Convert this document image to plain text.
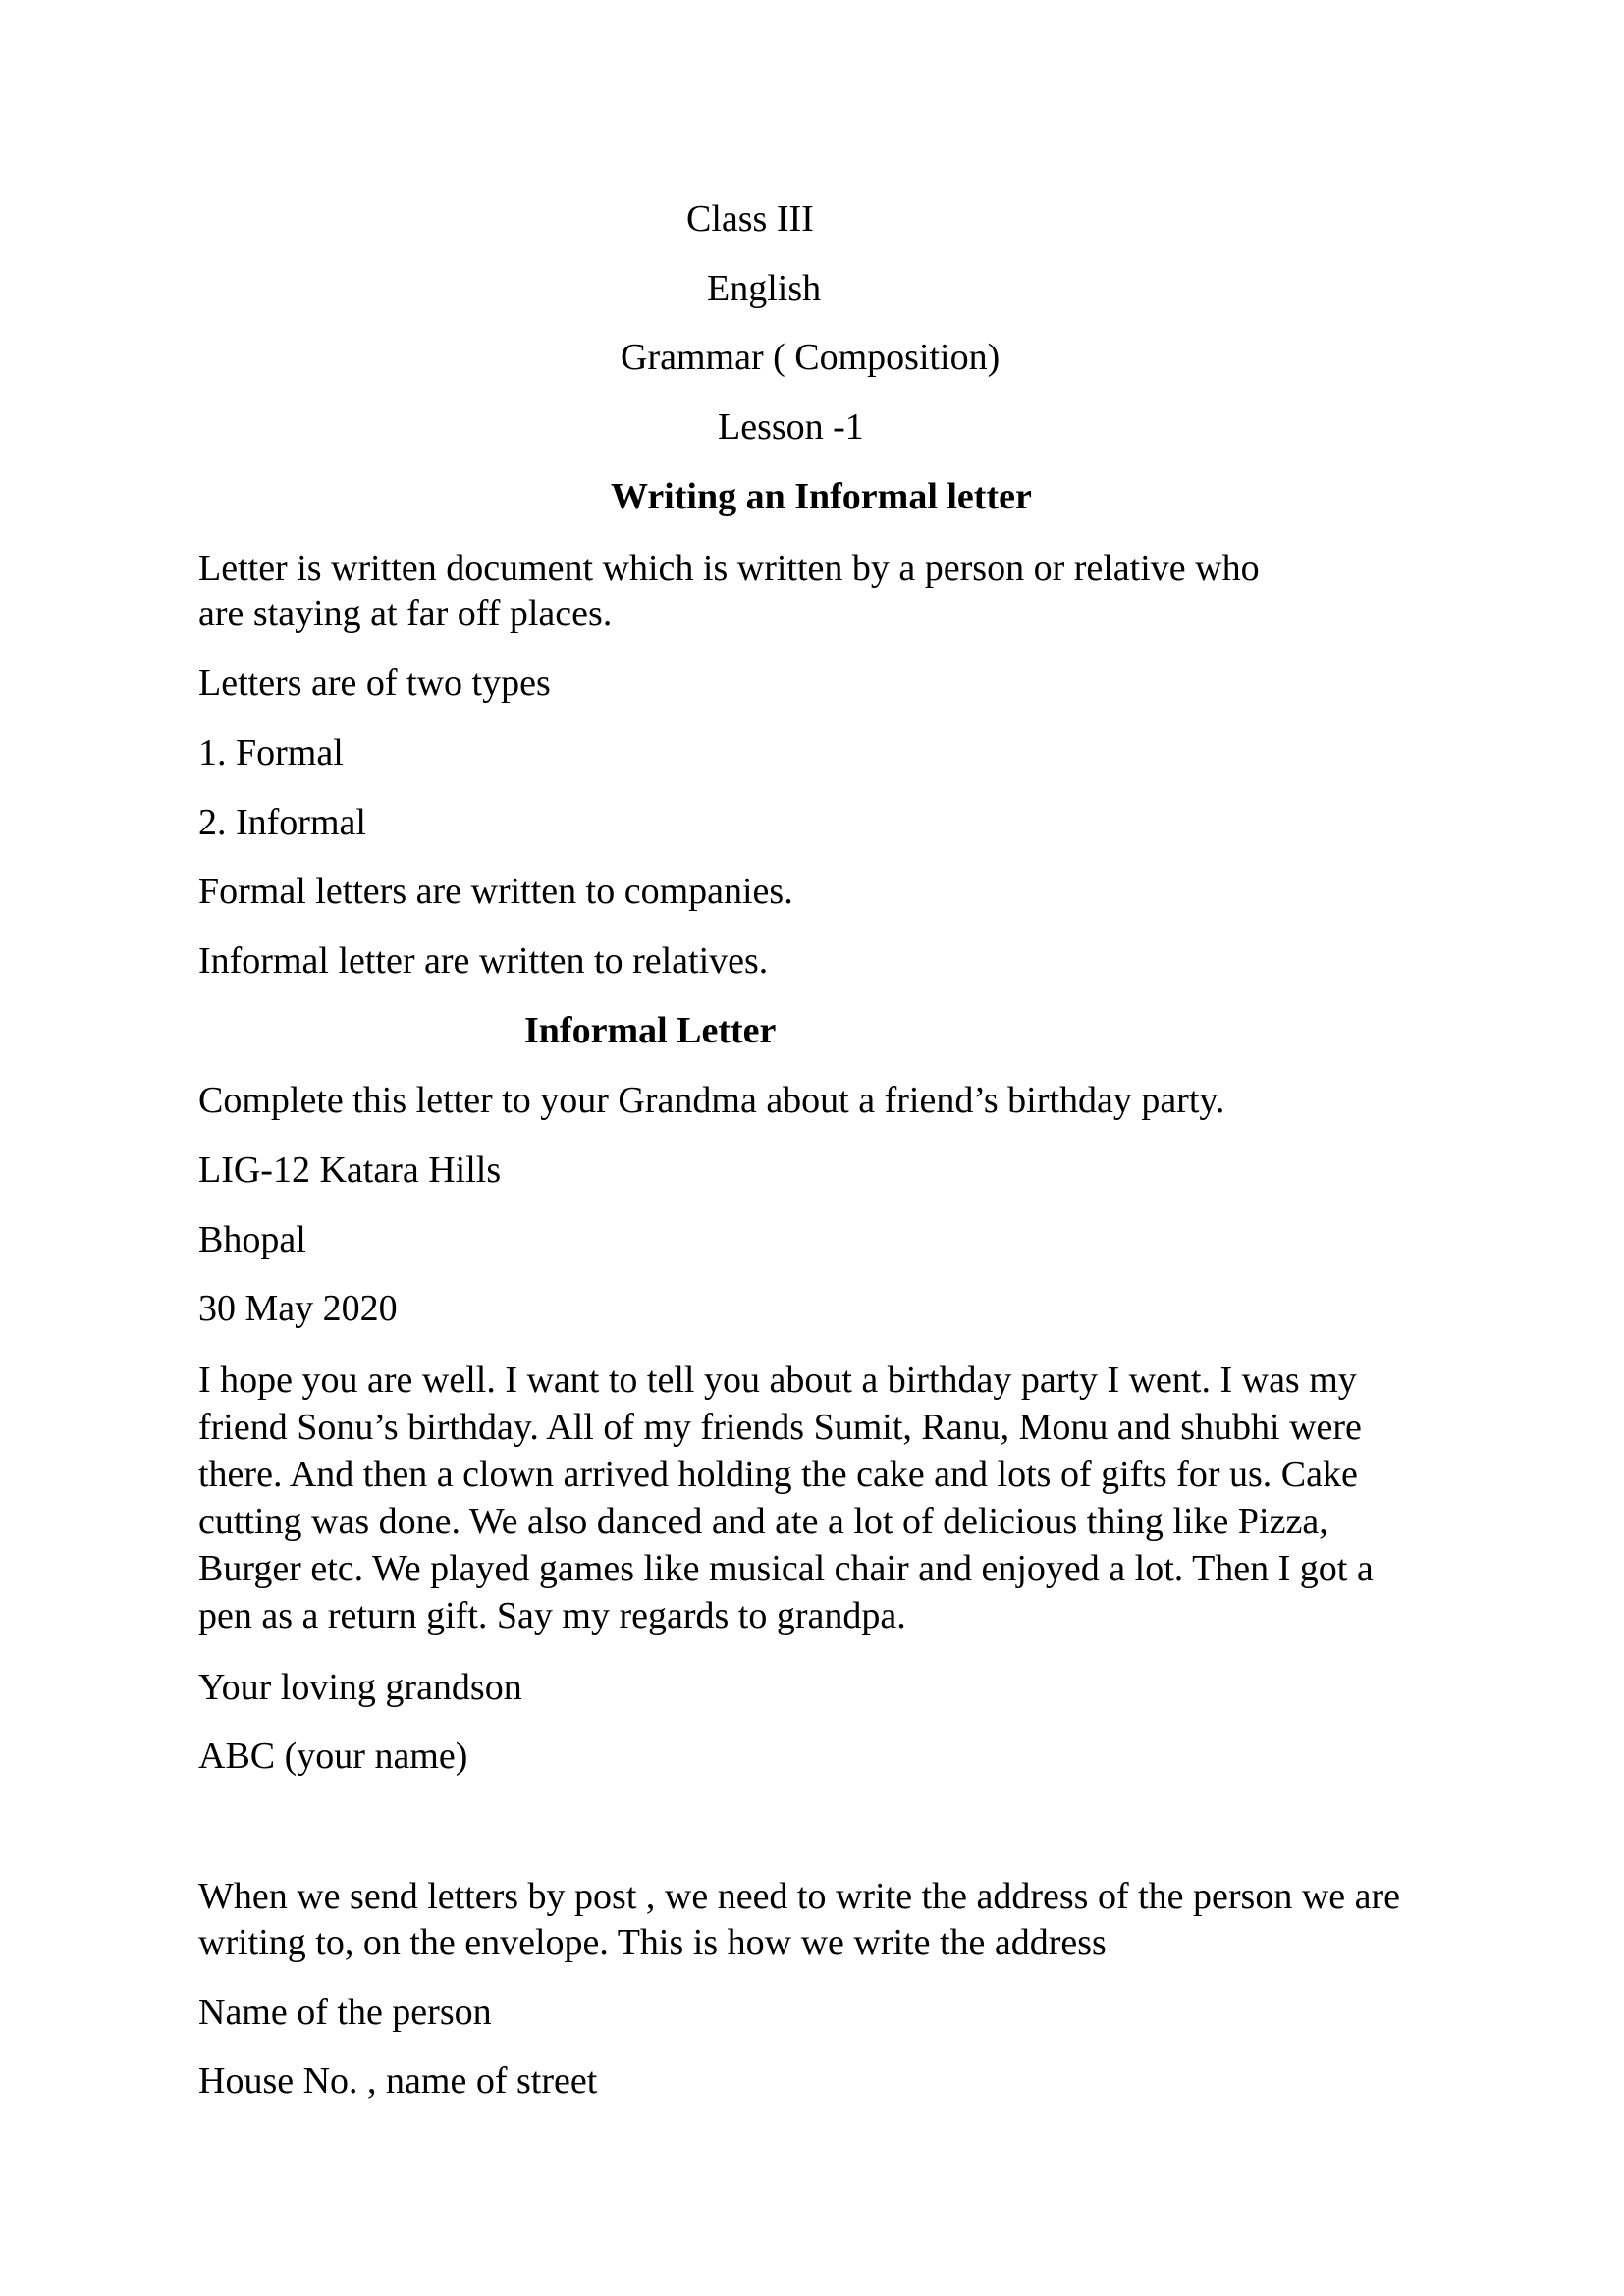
Class III

English

Grammar ( Composition)

Lesson -1

Writing an Informal letter

Letter is written document which is written by a person or relative who

are staying at far off places.

Letters are of two types

1. Formal

2. Informal

Formal letters are written to companies.

Informal letter are written to relatives.

Informal Letter

Complete this letter to your Grandma about a friend’s birthday party.

LIG-12 Katara Hills

Bhopal

30 May 2020

I hope you are well. I want to tell you about a birthday party I went. I was my

friend Sonu’s birthday. All of my friends Sumit, Ranu, Monu and shubhi were

there. And then a clown arrived holding the cake and lots of gifts for us. Cake

cutting was done. We also danced and ate a lot of delicious thing like Pizza,

Burger etc. We played games like musical chair and enjoyed a lot. Then I got a

pen as a return gift. Say my regards to grandpa.

Your loving grandson

ABC (your name)

When we send letters by post , we need to write the address of the person we are

writing to, on the envelope. This is how we write the address

Name of the person

House No. , name of street
